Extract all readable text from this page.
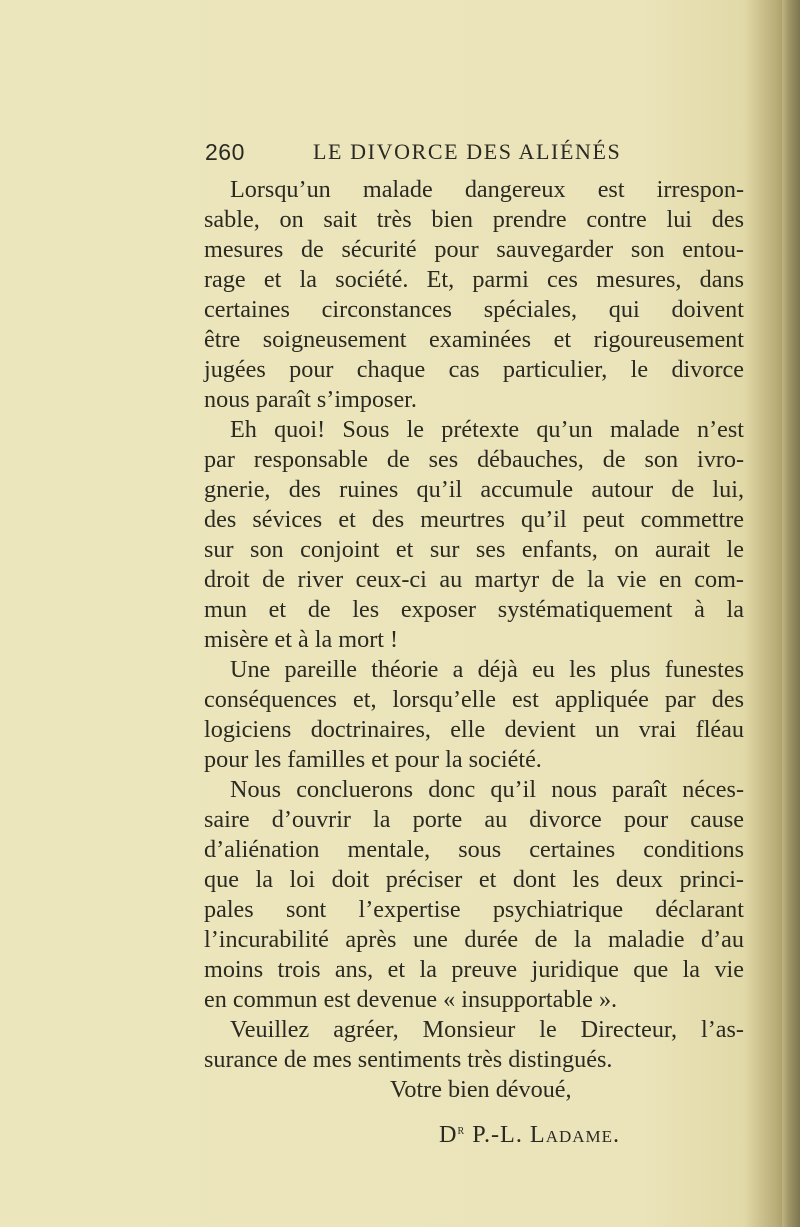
260	LE DIVORCE DES ALIÉNÉS
Lorsqu’un malade dangereux est irrespon-
sable, on sait très bien prendre contre lui des
mesures de sécurité pour sauvegarder son entou-
rage et la société. Et, parmi ces mesures, dans
certaines circonstances spéciales, qui doivent
être soigneusement examinées et rigoureusement
jugées pour chaque cas particulier, le divorce
nous paraît s’imposer.
Eh quoi! Sous le prétexte qu’un malade n’est
par responsable de ses débauches, de son ivro-
gnerie, des ruines qu’il accumule autour de lui,
des sévices et des meurtres qu’il peut commettre
sur son conjoint et sur ses enfants, on aurait le
droit de river ceux-ci au martyr de la vie en com-
mun et de les exposer systématiquement à la
misère et à la mort !
Une pareille théorie a déjà eu les plus funestes
conséquences et, lorsqu’elle est appliquée par des
logiciens doctrinaires, elle devient un vrai fléau
pour les familles et pour la société.
Nous concluerons donc qu’il nous paraît néces-
saire d’ouvrir la porte au divorce pour cause
d’aliénation mentale, sous certaines conditions
que la loi doit préciser et dont les deux princi-
pales sont l’expertise psychiatrique déclarant
l’incurabilité après une durée de la maladie d’au
moins trois ans, et la preuve juridique que la vie
en commun est devenue « insupportable ».
Veuillez agréer, Monsieur le Directeur, l’as-
surance de mes sentiments très distingués.
Votre bien dévoué,
$D^r$ P.-L. Ladame.
